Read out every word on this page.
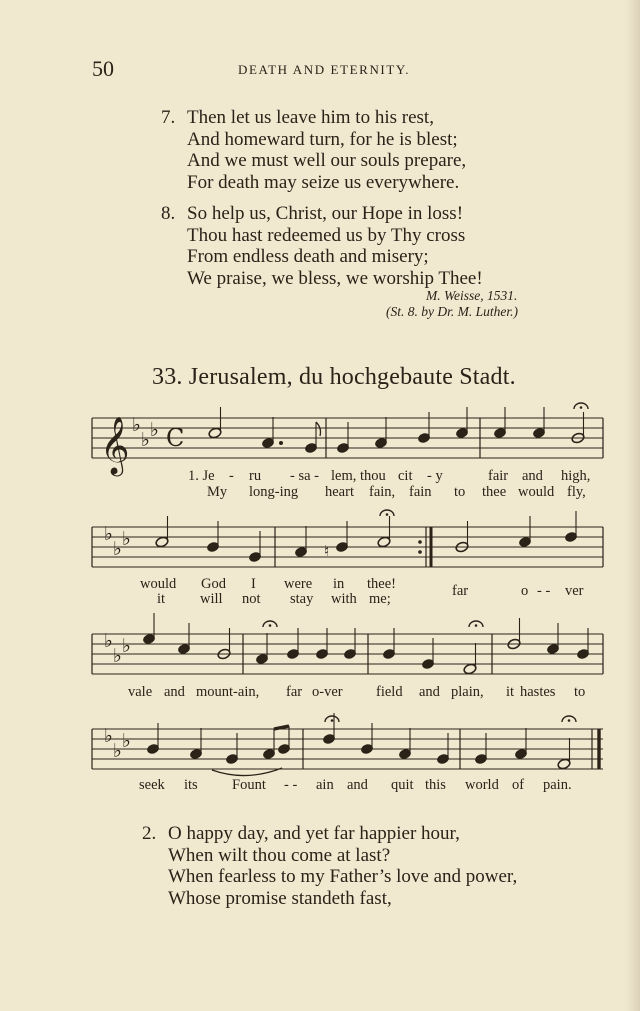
50	DEATH AND ETERNITY.
7. Then let us leave him to his rest,
And homeward turn, for he is blest;
And we must well our souls prepare,
For death may seize us everywhere.
8. So help us, Christ, our Hope in loss!
Thou hast redeemed us by Thy cross
From endless death and misery;
We praise, we bless, we worship Thee!
M. Weisse, 1531.
(St. 8. by Dr. M. Luther.)
33. Jerusalem, du hochgebaute Stadt.
𝄞 ♭
♭ ♭ C
♭
♭ ♭
♮
♭
♭ ♭
♭
♭ ♭
1. Je - ru - sa - lem, thou cit - y	fair and high,
My long-ing heart fain, fain to thee would fly,
would God I were in thee!	far	o - - ver
it will not stay with me;
vale and mount-ain, far o-ver field and plain, it hastes to
seek its Fount - - ain and quit this world of pain.
2. O happy day, and yet far happier hour,
When wilt thou come at last?
When fearless to my Father’s love and power,
Whose promise standeth fast,
